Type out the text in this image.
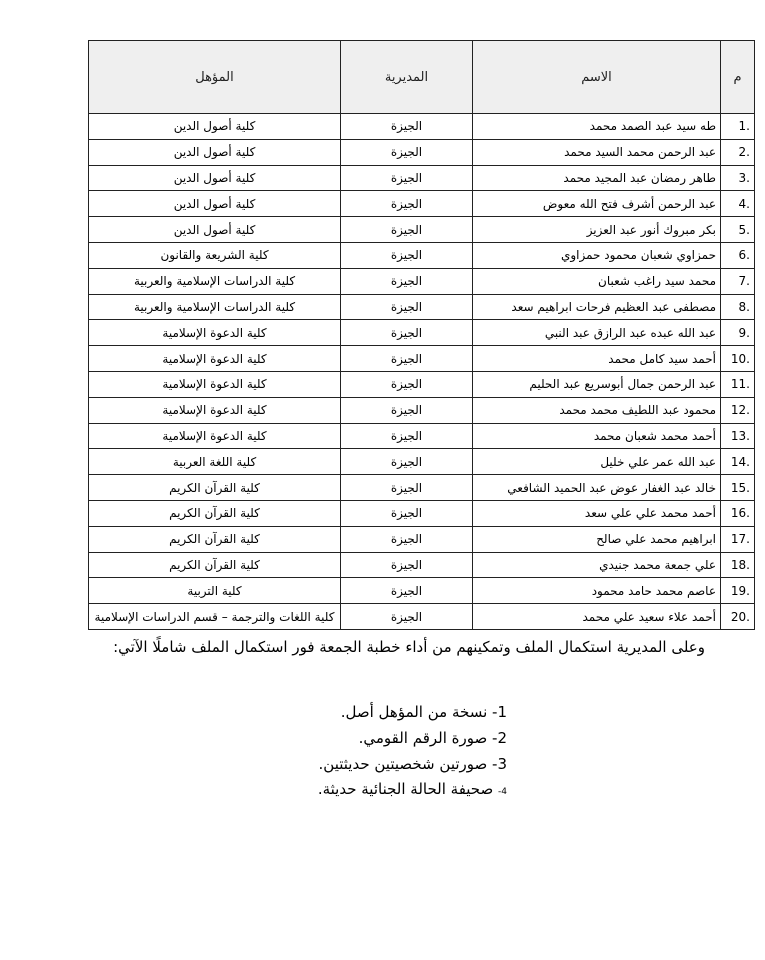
م	الاسم	المديرية	المؤهل
1.	طه سيد عبد الصمد محمد	الجيزة	كلية أصول الدين
2.	عبد الرحمن محمد السيد محمد	الجيزة	كلية أصول الدين
3.	طاهر رمضان عبد المجيد محمد	الجيزة	كلية أصول الدين
4.	عبد الرحمن أشرف فتح الله معوض	الجيزة	كلية أصول الدين
5.	بكر مبروك أنور عبد العزيز	الجيزة	كلية أصول الدين
6.	حمزاوي شعبان محمود حمزاوي	الجيزة	كلية الشريعة والقانون
7.	محمد سيد راغب شعبان	الجيزة	كلية الدراسات الإسلامية والعربية
8.	مصطفى عبد العظيم فرحات ابراهيم سعد	الجيزة	كلية الدراسات الإسلامية والعربية
9.	عبد الله عبده عبد الرازق عبد النبي	الجيزة	كلية الدعوة الإسلامية
10.	أحمد سيد كامل محمد	الجيزة	كلية الدعوة الإسلامية
11.	عبد الرحمن جمال أبوسريع عبد الحليم	الجيزة	كلية الدعوة الإسلامية
12.	محمود عبد اللطيف محمد محمد	الجيزة	كلية الدعوة الإسلامية
13.	أحمد محمد شعبان محمد	الجيزة	كلية الدعوة الإسلامية
14.	عبد الله عمر علي خليل	الجيزة	كلية اللغة العربية
15.	خالد عبد الغفار عوض عبد الحميد الشافعي	الجيزة	كلية القرآن الكريم
16.	أحمد محمد علي علي سعد	الجيزة	كلية القرآن الكريم
17.	ابراهيم محمد علي صالح	الجيزة	كلية القرآن الكريم
18.	علي جمعة محمد جنيدي	الجيزة	كلية القرآن الكريم
19.	عاصم محمد حامد محمود	الجيزة	كلية التربية
20.	أحمد علاء سعيد علي محمد	الجيزة	كلية اللغات والترجمة – قسم الدراسات الإسلامية
وعلى المديرية استكمال الملف وتمكينهم من أداء خطبة الجمعة فور استكمال الملف شاملًا الآتي:
1- نسخة من المؤهل أصل.
2- صورة الرقم القومي.
3- صورتين شخصيتين حديثتين.
4- صحيفة الحالة الجنائية حديثة.
